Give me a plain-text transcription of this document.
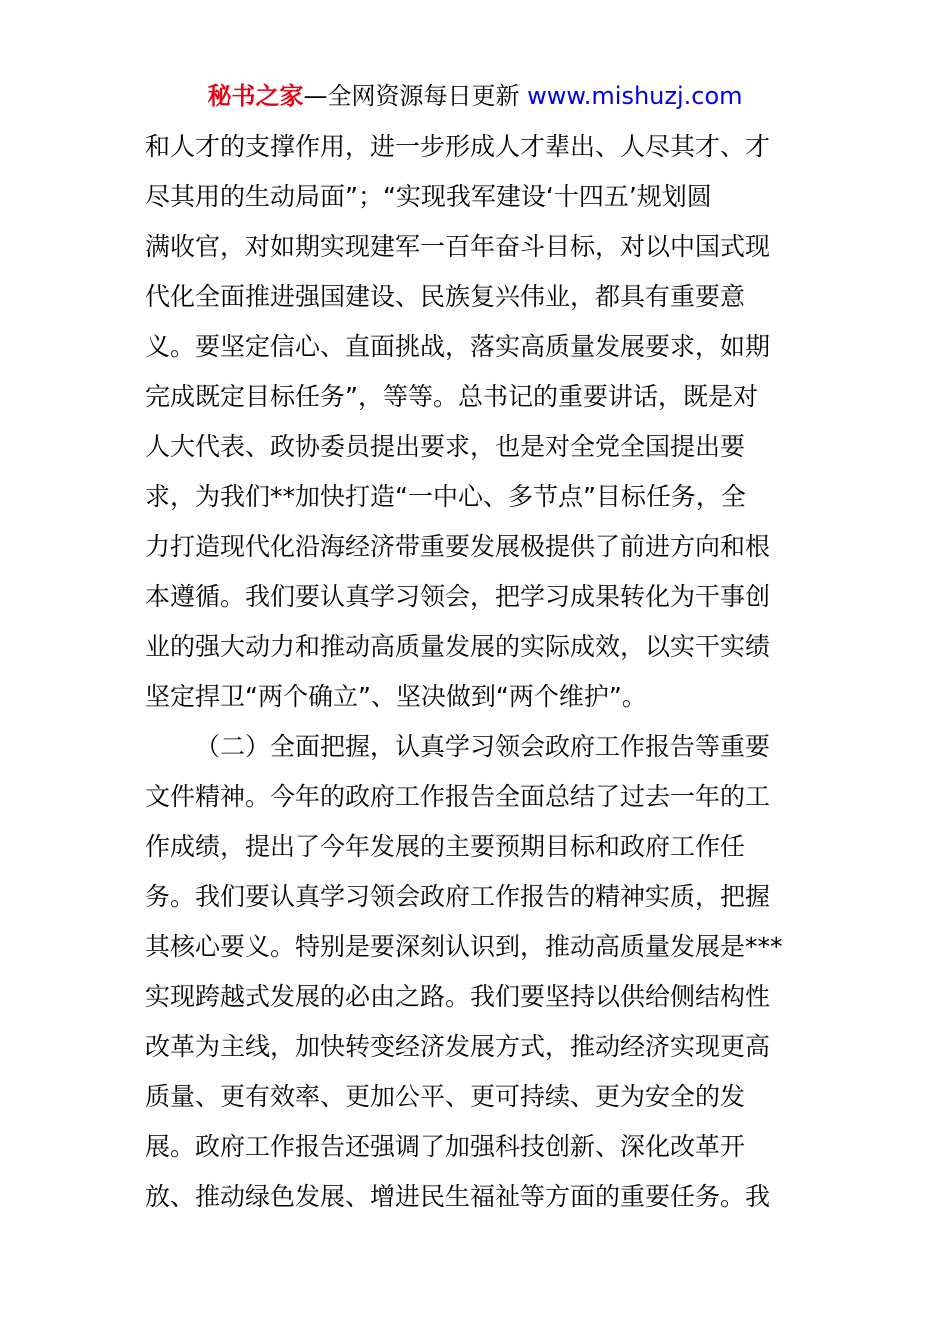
秘书之家—全网资源每日更新 www.mishuzj.com
和人才的支撑作用，进一步形成人才辈出、人尽其才、才
尽其用的生动局面”；“实现我军建设‘十四五’规划圆
满收官，对如期实现建军一百年奋斗目标，对以中国式现
代化全面推进强国建设、民族复兴伟业，都具有重要意
义。要坚定信心、直面挑战，落实高质量发展要求，如期
完成既定目标任务”，等等。总书记的重要讲话，既是对
人大代表、政协委员提出要求，也是对全党全国提出要
求，为我们**加快打造“一中心、多节点”目标任务，全
力打造现代化沿海经济带重要发展极提供了前进方向和根
本遵循。我们要认真学习领会，把学习成果转化为干事创
业的强大动力和推动高质量发展的实际成效，以实干实绩
坚定捍卫“两个确立”、坚决做到“两个维护”。
（二）全面把握，认真学习领会政府工作报告等重要
文件精神。今年的政府工作报告全面总结了过去一年的工
作成绩，提出了今年发展的主要预期目标和政府工作任
务。我们要认真学习领会政府工作报告的精神实质，把握
其核心要义。特别是要深刻认识到，推动高质量发展是***
实现跨越式发展的必由之路。我们要坚持以供给侧结构性
改革为主线，加快转变经济发展方式，推动经济实现更高
质量、更有效率、更加公平、更可持续、更为安全的发
展。政府工作报告还强调了加强科技创新、深化改革开
放、推动绿色发展、增进民生福祉等方面的重要任务。我
